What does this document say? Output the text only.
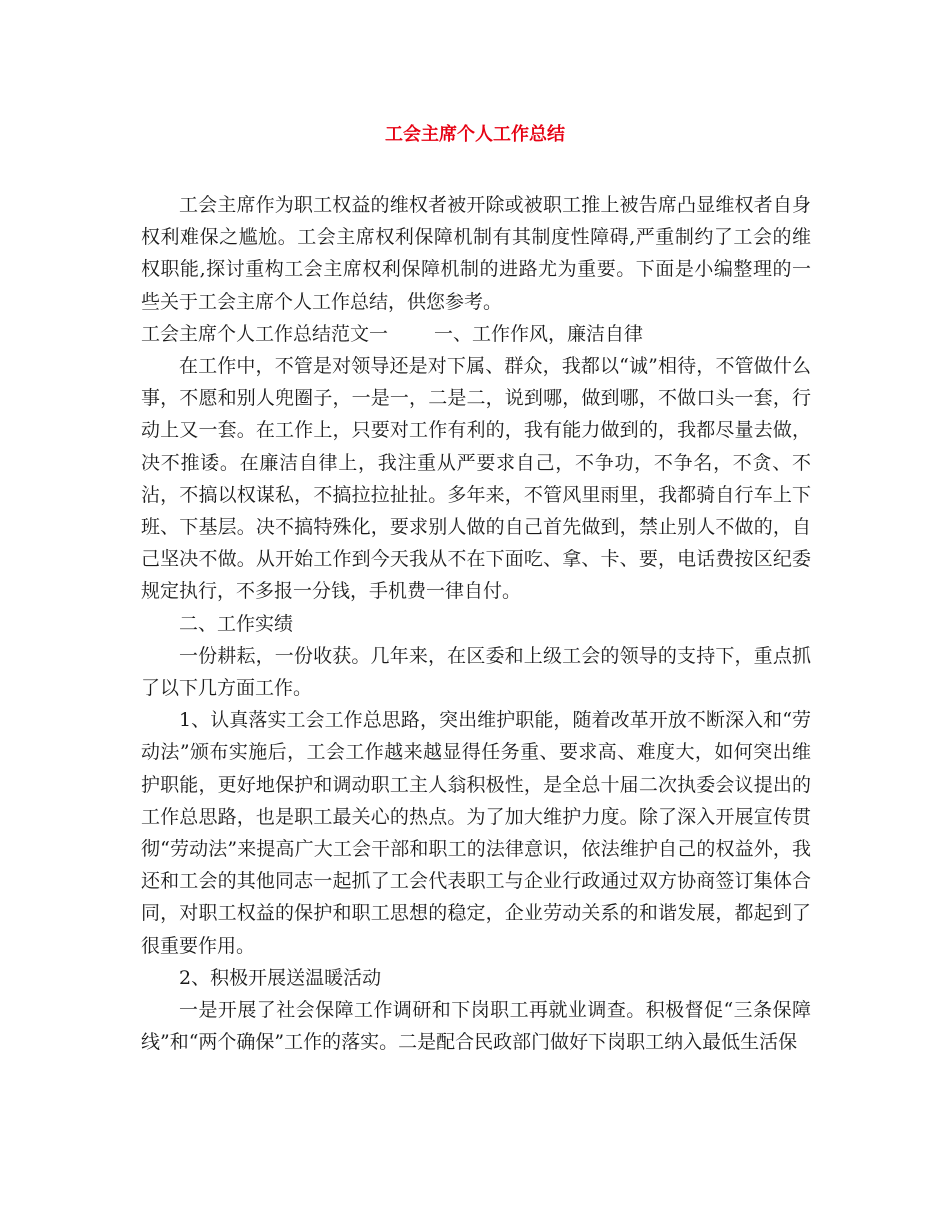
工会主席个人工作总结

工会主席作为职工权益的维权者被开除或被职工推上被告席凸显维权者自身权利难保之尴尬。工会主席权利保障机制有其制度性障碍,严重制约了工会的维权职能,探讨重构工会主席权利保障机制的进路尤为重要。下面是小编整理的一些关于工会主席个人工作总结，供您参考。

工会主席个人工作总结范文一 一、工作作风，廉洁自律

在工作中，不管是对领导还是对下属、群众，我都以“诚”相待，不管做什么事，不愿和别人兜圈子，一是一，二是二，说到哪，做到哪，不做口头一套，行动上又一套。在工作上，只要对工作有利的，我有能力做到的，我都尽量去做，决不推诿。在廉洁自律上，我注重从严要求自己，不争功，不争名，不贪、不沾，不搞以权谋私，不搞拉拉扯扯。多年来，不管风里雨里，我都骑自行车上下班、下基层。决不搞特殊化，要求别人做的自己首先做到，禁止别人不做的，自己坚决不做。从开始工作到今天我从不在下面吃、拿、卡、要，电话费按区纪委规定执行，不多报一分钱，手机费一律自付。

二、工作实绩

一份耕耘，一份收获。几年来，在区委和上级工会的领导的支持下，重点抓了以下几方面工作。

1、认真落实工会工作总思路，突出维护职能，随着改革开放不断深入和“劳动法”颁布实施后，工会工作越来越显得任务重、要求高、难度大，如何突出维护职能，更好地保护和调动职工主人翁积极性，是全总十届二次执委会议提出的工作总思路，也是职工最关心的热点。为了加大维护力度。除了深入开展宣传贯彻“劳动法”来提高广大工会干部和职工的法律意识，依法维护自己的权益外，我还和工会的其他同志一起抓了工会代表职工与企业行政通过双方协商签订集体合同，对职工权益的保护和职工思想的稳定，企业劳动关系的和谐发展，都起到了很重要作用。

2、积极开展送温暖活动

一是开展了社会保障工作调研和下岗职工再就业调查。积极督促“三条保障线”和“两个确保”工作的落实。二是配合民政部门做好下岗职工纳入最低生活保
